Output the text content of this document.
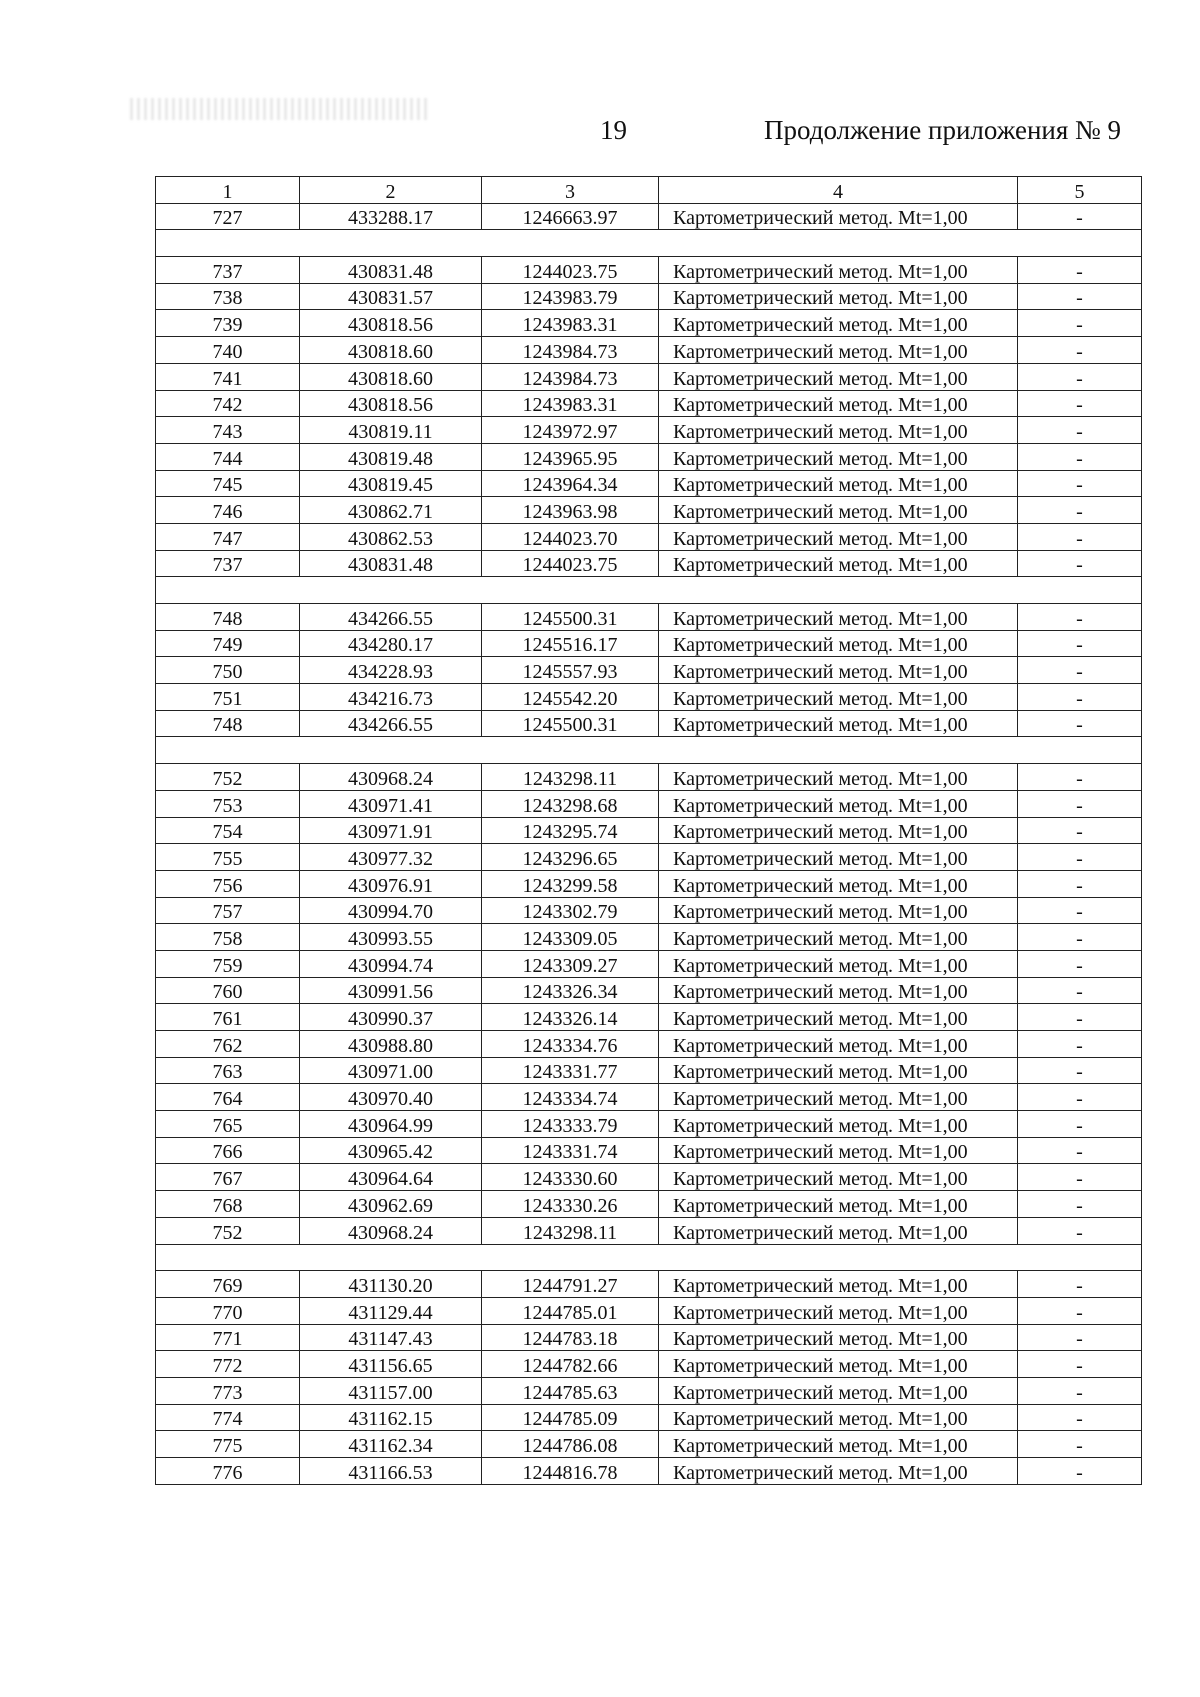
19	Продолжение приложения № 9
1	2	3	4	5
727	433288.17	1246663.97	Картометрический метод. Mt=1,00	-

737	430831.48	1244023.75	Картометрический метод. Mt=1,00	-
738	430831.57	1243983.79	Картометрический метод. Mt=1,00	-
739	430818.56	1243983.31	Картометрический метод. Mt=1,00	-
740	430818.60	1243984.73	Картометрический метод. Mt=1,00	-
741	430818.60	1243984.73	Картометрический метод. Mt=1,00	-
742	430818.56	1243983.31	Картометрический метод. Mt=1,00	-
743	430819.11	1243972.97	Картометрический метод. Mt=1,00	-
744	430819.48	1243965.95	Картометрический метод. Mt=1,00	-
745	430819.45	1243964.34	Картометрический метод. Mt=1,00	-
746	430862.71	1243963.98	Картометрический метод. Mt=1,00	-
747	430862.53	1244023.70	Картометрический метод. Mt=1,00	-
737	430831.48	1244023.75	Картометрический метод. Mt=1,00	-

748	434266.55	1245500.31	Картометрический метод. Mt=1,00	-
749	434280.17	1245516.17	Картометрический метод. Mt=1,00	-
750	434228.93	1245557.93	Картометрический метод. Mt=1,00	-
751	434216.73	1245542.20	Картометрический метод. Mt=1,00	-
748	434266.55	1245500.31	Картометрический метод. Mt=1,00	-

752	430968.24	1243298.11	Картометрический метод. Mt=1,00	-
753	430971.41	1243298.68	Картометрический метод. Mt=1,00	-
754	430971.91	1243295.74	Картометрический метод. Mt=1,00	-
755	430977.32	1243296.65	Картометрический метод. Mt=1,00	-
756	430976.91	1243299.58	Картометрический метод. Mt=1,00	-
757	430994.70	1243302.79	Картометрический метод. Mt=1,00	-
758	430993.55	1243309.05	Картометрический метод. Mt=1,00	-
759	430994.74	1243309.27	Картометрический метод. Mt=1,00	-
760	430991.56	1243326.34	Картометрический метод. Mt=1,00	-
761	430990.37	1243326.14	Картометрический метод. Mt=1,00	-
762	430988.80	1243334.76	Картометрический метод. Mt=1,00	-
763	430971.00	1243331.77	Картометрический метод. Mt=1,00	-
764	430970.40	1243334.74	Картометрический метод. Mt=1,00	-
765	430964.99	1243333.79	Картометрический метод. Mt=1,00	-
766	430965.42	1243331.74	Картометрический метод. Mt=1,00	-
767	430964.64	1243330.60	Картометрический метод. Mt=1,00	-
768	430962.69	1243330.26	Картометрический метод. Mt=1,00	-
752	430968.24	1243298.11	Картометрический метод. Mt=1,00	-

769	431130.20	1244791.27	Картометрический метод. Mt=1,00	-
770	431129.44	1244785.01	Картометрический метод. Mt=1,00	-
771	431147.43	1244783.18	Картометрический метод. Mt=1,00	-
772	431156.65	1244782.66	Картометрический метод. Mt=1,00	-
773	431157.00	1244785.63	Картометрический метод. Mt=1,00	-
774	431162.15	1244785.09	Картометрический метод. Mt=1,00	-
775	431162.34	1244786.08	Картометрический метод. Mt=1,00	-
776	431166.53	1244816.78	Картометрический метод. Mt=1,00	-
